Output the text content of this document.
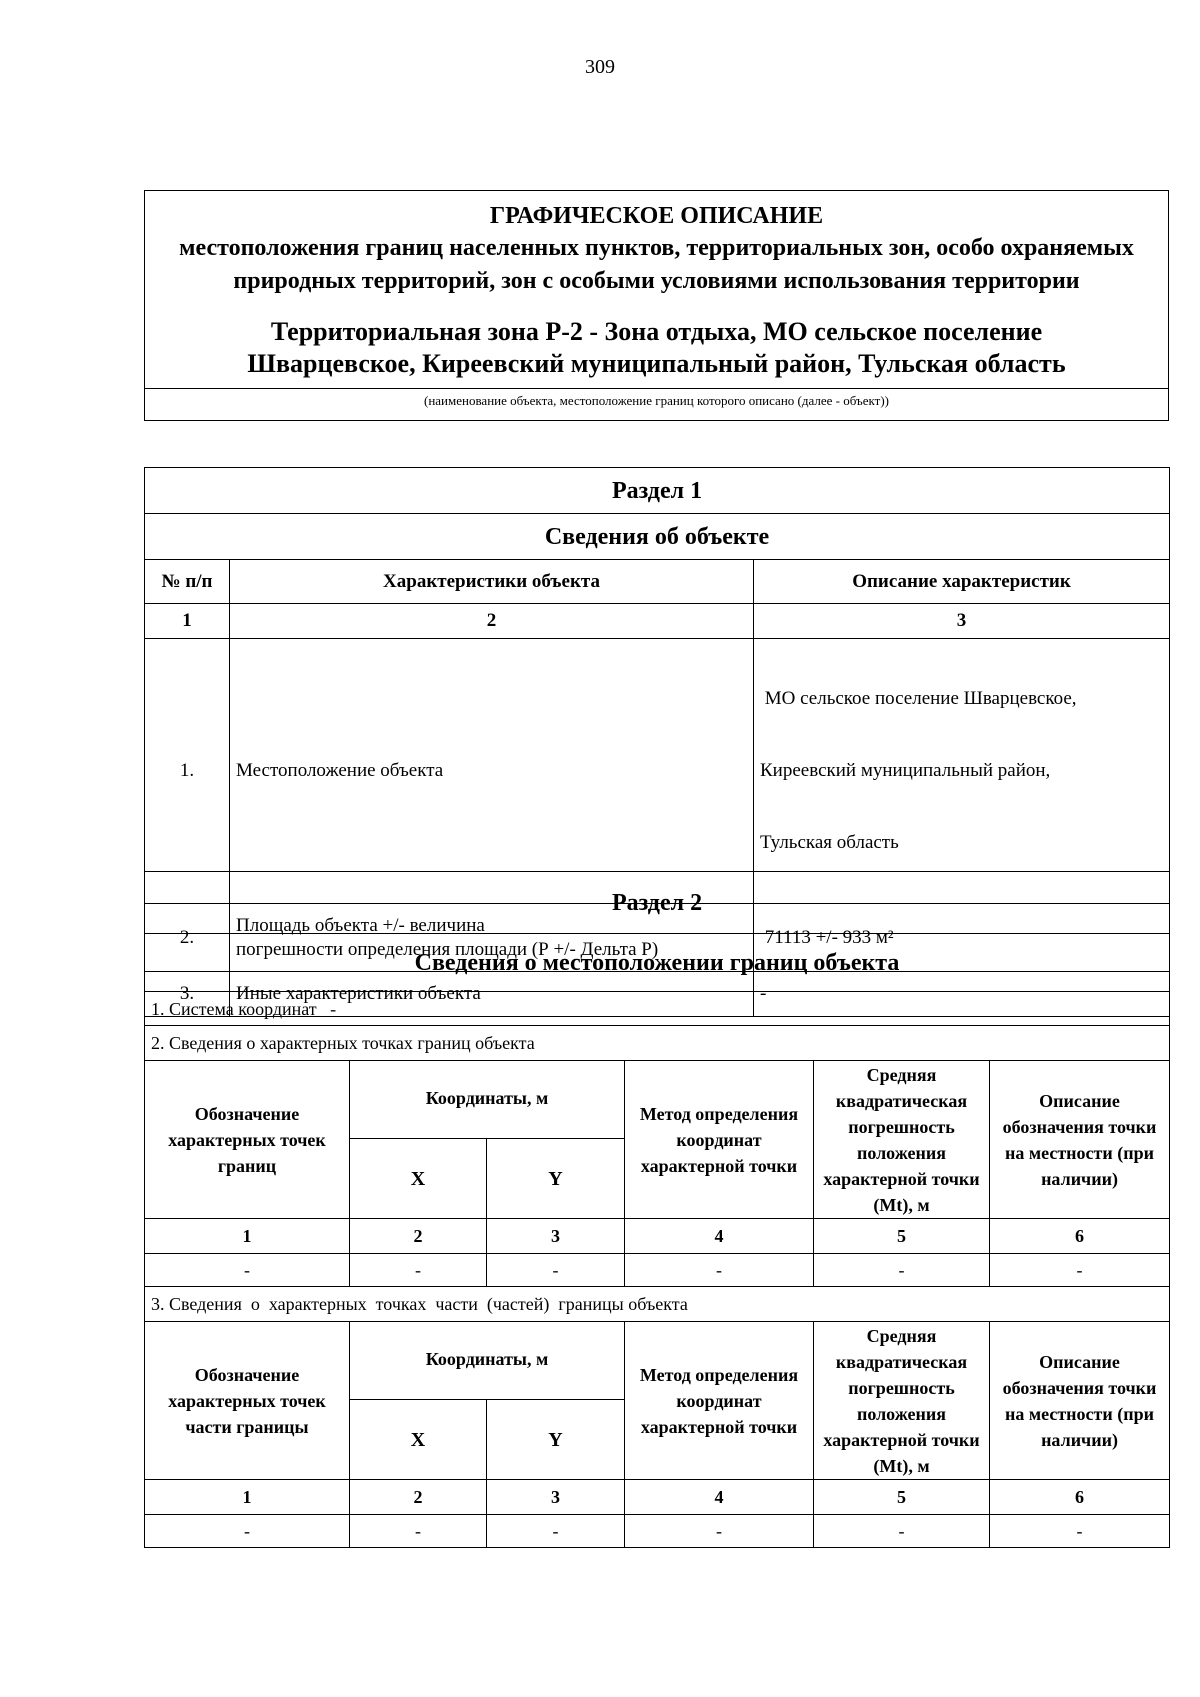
309
ГРАФИЧЕСКОЕ ОПИСАНИЕ
местоположения границ населенных пунктов, территориальных зон, особо охраняемых природных территорий, зон с особыми условиями использования территории
Территориальная зона Р-2 - Зона отдыха, МО сельское поселение
Шварцевское, Киреевский муниципальный район, Тульская область

(наименование объекта, местоположение границ которого описано (далее - объект))
Раздел 1		
Сведения об объекте		
№ п/п	Характеристики объекта	Описание характеристик
1	2	3
1.	Местоположение объекта	МО сельское поселение Шварцевское,

Киреевский муниципальный район,

Тульская область

2.	Площадь объекта +/- величина
погрешности определения площади (Р +/- Дельта Р)	71113 +/- 933 м²
3.	Иные характеристики объекта	-
Раздел 2					
Сведения о местоположении границ объекта					
1. Система координат -					
2. Сведения о характерных точках границ объекта					
Обозначение характерных точек границ	Координаты, м		Метод определения координат характерной точки	Средняя квадратическая погрешность положения характерной точки (Mt), м	Описание обозначения точки на местности (при наличии)
	X	Y			
1	2	3	4	5	6
-	-	-	-	-	-
3. Сведения  о  характерных  точках  части  (частей)  границы объекта					
Обозначение характерных точек части границы	Координаты, м		Метод определения координат характерной точки	Средняя квадратическая погрешность положения характерной точки (Mt), м	Описание обозначения точки на местности (при наличии)
	X	Y			
1	2	3	4	5	6
-	-	-	-	-	-
